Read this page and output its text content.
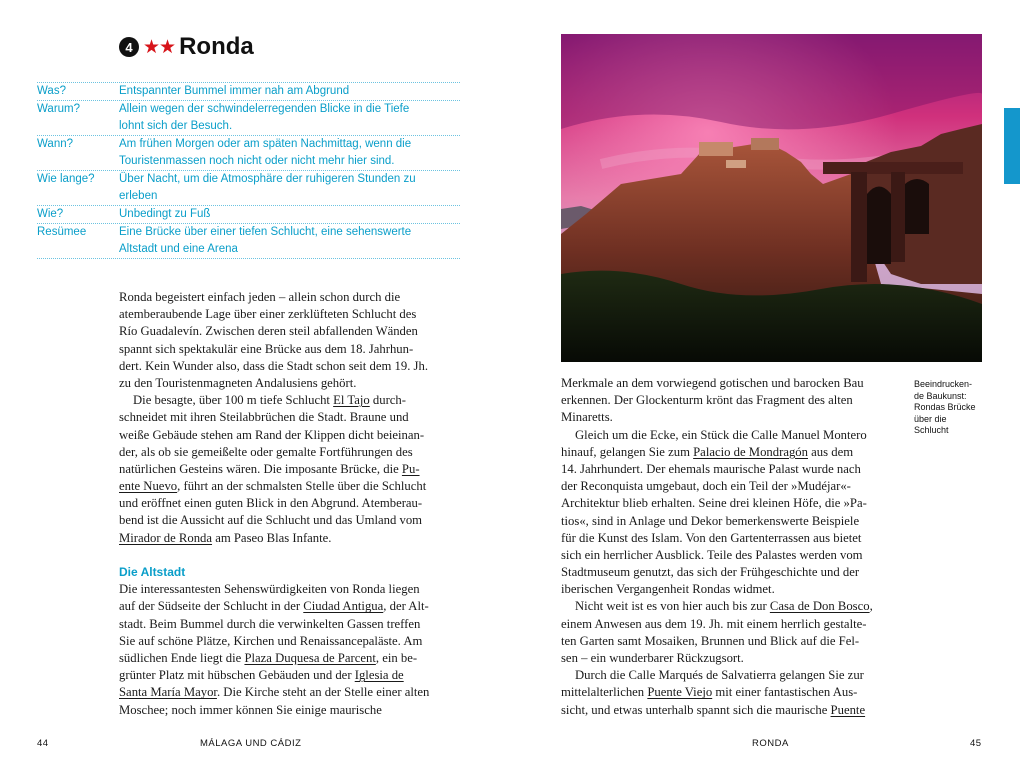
4 ★★ Ronda
Was?	Entspannter Bummel immer nah am Abgrund
Warum?	Allein wegen der schwindelerregenden Blicke in die Tiefe
lohnt sich der Besuch.
Wann?	Am frühen Morgen oder am späten Nachmittag, wenn die
Touristenmassen noch nicht oder nicht mehr hier sind.
Wie lange?	Über Nacht, um die Atmosphäre der ruhigeren Stunden zu
erleben
Wie?	Unbedingt zu Fuß
Resümee	Eine Brücke über einer tiefen Schlucht, eine sehenswerte
Altstadt und eine Arena
Ronda begeistert einfach jeden – allein schon durch die
atemberaubende Lage über einer zerklüfteten Schlucht des
Río Guadalevín. Zwischen deren steil abfallenden Wänden
spannt sich spektakulär eine Brücke aus dem 18. Jahrhun-
dert. Kein Wunder also, dass die Stadt schon seit dem 19. Jh.
zu den Touristenmagneten Andalusiens gehört.
Die besagte, über 100 m tiefe Schlucht El Tajo durch-
schneidet mit ihren Steilabbrüchen die Stadt. Braune und
weiße Gebäude stehen am Rand der Klippen dicht beieinan-
der, als ob sie gemeißelte oder gemalte Fortführungen des
natürlichen Gesteins wären. Die imposante Brücke, die Pu-
ente Nuevo, führt an der schmalsten Stelle über die Schlucht
und eröffnet einen guten Blick in den Abgrund. Atemberau-
bend ist die Aussicht auf die Schlucht und das Umland vom
Mirador de Ronda am Paseo Blas Infante.
Die Altstadt
Die interessantesten Sehenswürdigkeiten von Ronda liegen
auf der Südseite der Schlucht in der Ciudad Antigua, der Alt-
stadt. Beim Bummel durch die verwinkelten Gassen treffen
Sie auf schöne Plätze, Kirchen und Renaissancepaläste. Am
südlichen Ende liegt die Plaza Duquesa de Parcent, ein be-
grünter Platz mit hübschen Gebäuden und der Iglesia de
Santa María Mayor. Die Kirche steht an der Stelle einer alten
Moschee; noch immer können Sie einige maurische
Beeindrucken-
de Baukunst:
Rondas Brücke
über die
Schlucht
Merkmale an dem vorwiegend gotischen und barocken Bau
erkennen. Der Glockenturm krönt das Fragment des alten
Minaretts.
Gleich um die Ecke, ein Stück die Calle Manuel Montero
hinauf, gelangen Sie zum Palacio de Mondragón aus dem
14. Jahrhundert. Der ehemals maurische Palast wurde nach
der Reconquista umgebaut, doch ein Teil der »Mudéjar«-
Architektur blieb erhalten. Seine drei kleinen Höfe, die »Pa-
tios«, sind in Anlage und Dekor bemerkenswerte Beispiele
für die Kunst des Islam. Von den Gartenterrassen aus bietet
sich ein herrlicher Ausblick. Teile des Palastes werden vom
Stadtmuseum genutzt, das sich der Frühgeschichte und der
iberischen Vergangenheit Rondas widmet.
Nicht weit ist es von hier auch bis zur Casa de Don Bosco,
einem Anwesen aus dem 19. Jh. mit einem herrlich gestalte-
ten Garten samt Mosaiken, Brunnen und Blick auf die Fel-
sen – ein wunderbarer Rückzugsort.
Durch die Calle Marqués de Salvatierra gelangen Sie zur
mittelalterlichen Puente Viejo mit einer fantastischen Aus-
sicht, und etwas unterhalb spannt sich die maurische Puente
44	MÁLAGA UND CÁDIZ	RONDA	45
